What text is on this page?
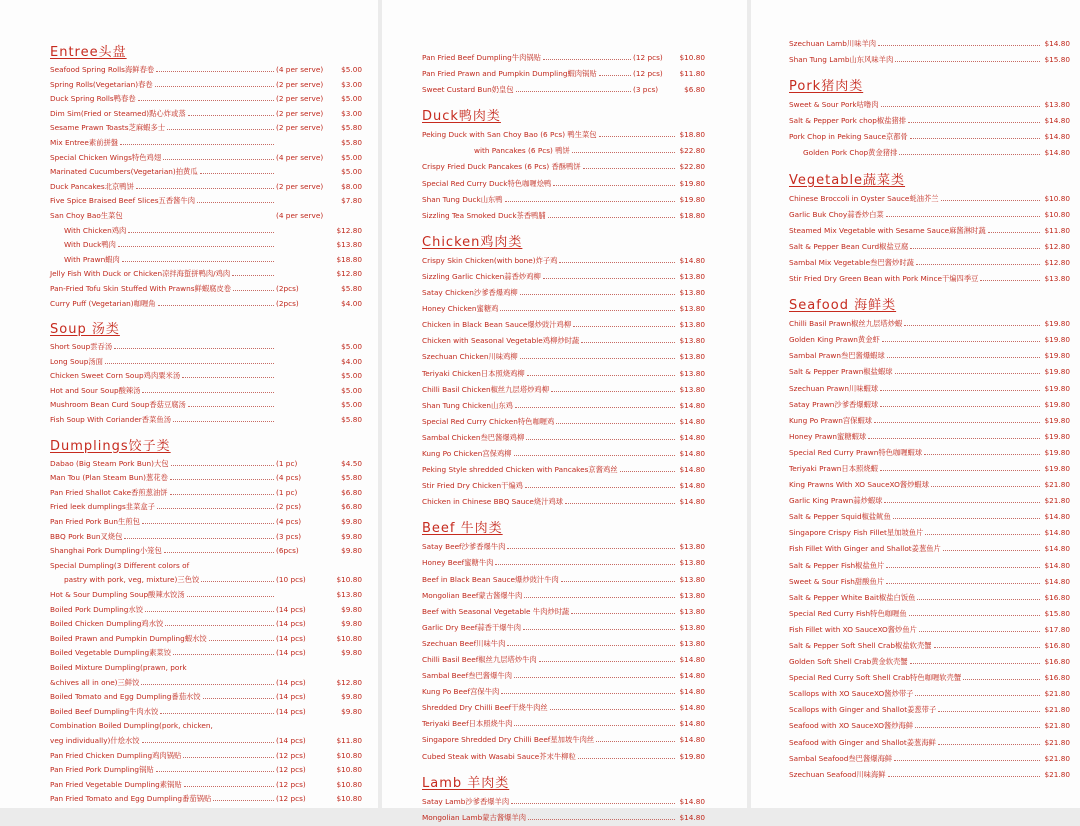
Entree头盘
Seafood Spring Rolls海鲜春卷	(4 per serve)	$5.00
Spring Rolls(Vegetarian)春卷	(2 per serve)	$3.00
Duck Spring Rolls鸭春卷	(2 per serve)	$5.00
Dim Sim(Fried or Steamed)點心炸或蒸	(2 per serve)	$3.00
Sesame Prawn Toasts芝麻蝦多士	(2 per serve)	$5.80
Mix Entree素前拼盤	$5.80
Special Chicken Wings特色鸡翅	(4 per serve)	$5.00
Marinated Cucumbers(Vegetarian)拍黄瓜	$5.00
Duck Pancakes北京鸭饼	(2 per serve)	$8.00
Five Spice Braised Beef Slices五香酱牛肉	$7.80
San Choy Bao生菜包	(4 per serve)
With Chicken鸡肉	$12.80
With Duck鸭肉	$13.80
With Prawn蝦肉	$18.80
Jelly Fish With Duck or Chicken凉拌海蜇拼鸭肉/鸡肉	$12.80
Pan-Fried Tofu Skin Stuffed With Prawns鲜蝦腐皮卷	(2pcs)	$5.80
Curry Puff (Vegetarian)咖喱角	(2pcs)	$4.00
Soup 汤类
Short Soup雲吞汤	$5.00
Long Soup汤面	$4.00
Chicken Sweet Corn Soup鸡肉粟米汤	$5.00
Hot and Sour Soup酸辣汤	$5.00
Mushroom Bean Curd Soup香菇豆腐汤	$5.00
Fish Soup With Coriander香菜鱼汤	$5.80
Dumplings饺子类
Dabao (Big Steam Pork Bun)大包	(1 pc)	$4.50
Man Tou (Plan Steam Bun)葱花卷	(4 pcs)	$5.80
Pan Fried Shallot Cake香煎葱油饼	(1 pc)	$6.80
Fried leek dumplings韭菜盒子	(2 pcs)	$6.80
Pan Fried Pork Bun生煎包	(4 pcs)	$9.80
BBQ Pork Bun叉烧包	(3 pcs)	$9.80
Shanghai Pork Dumpling小笼包	(6pcs)	$9.80
Special Dumpling(3 Different colors of
pastry with pork, veg, mixture)三色饺	(10 pcs)	$10.80
Hot & Sour Dumpling Soup酸辣水饺汤	$13.80
Boiled Pork Dumpling水饺	(14 pcs)	$9.80
Boiled Chicken Dumpling鸡水饺	(14 pcs)	$9.80
Boiled Prawn and Pumpkin Dumpling蝦水饺	(14 pcs)	$10.80
Boiled Vegetable Dumpling素菜饺	(14 pcs)	$9.80
Boiled Mixture Dumpling(prawn, pork
&chives all in one)三鲜饺	(14 pcs)	$12.80
Boiled Tomato and Egg Dumpling番茄水饺	(14 pcs)	$9.80
Boiled Beef Dumpling牛肉水饺	(14 pcs)	$9.80
Combination Boiled Dumpling(pork, chicken,
veg individually)什烩水饺	(14 pcs)	$11.80
Pan Fried Chicken Dumpling鸡肉锅贴	(12 pcs)	$10.80
Pan Fried Pork Dumpling锅贴	(12 pcs)	$10.80
Pan Fried Vegetable Dumpling素锅贴	(12 pcs)	$10.80
Pan Fried Tomato and Egg Dumpling番茄锅贴	(12 pcs)	$10.80
Pan Fried Beef Dumpling牛肉锅贴	(12 pcs)	$10.80
Pan Fried Prawn and Pumpkin Dumpling蝦肉锅贴	(12 pcs)	$11.80
Sweet Custard Bun奶皇包	(3 pcs)	$6.80
Duck鸭肉类
Peking Duck with San Choy Bao (6 Pcs) 鸭生菜包	$18.80
with Pancakes (6 Pcs) 鸭饼	$22.80
Crispy Fried Duck Pancakes (6 Pcs) 香酥鸭饼	$22.80
Special Red Curry Duck特色咖喱烩鸭	$19.80
Shan Tung Duck山东鸭	$19.80
Sizzling Tea Smoked Duck茶香鸭脯	$18.80
Chicken鸡肉类
Crispy Skin Chicken(with bone)炸子鸡	$14.80
Sizzling Garlic Chicken蒜香炒鸡柳	$13.80
Satay Chicken沙爹香爆鸡柳	$13.80
Honey Chicken蜜糖鸡	$13.80
Chicken in Black Bean Sauce爆炒豉汁鸡柳	$13.80
Chicken with Seasonal Vegetable鸡柳炒时蔬	$13.80
Szechuan Chicken川味鸡柳	$13.80
Teriyaki Chicken日本照烧鸡柳	$13.80
Chilli Basil Chicken椒丝九层塔炒鸡柳	$13.80
Shan Tung Chicken山东鸡	$14.80
Special Red Curry Chicken特色咖喱鸡	$14.80
Sambal Chicken叁巴酱爆鸡柳	$14.80
Kung Po Chicken宫保鸡柳	$14.80
Peking Style shredded Chicken with Pancakes京酱鸡丝	$14.80
Stir Fried Dry Chicken干煸鸡	$14.80
Chicken in Chinese BBQ Sauce烧汁鸡球	$14.80
Beef 牛肉类
Satay Beef沙爹香爆牛肉	$13.80
Honey Beef蜜糖牛肉	$13.80
Beef in Black Bean Sauce爆炒豉汁牛肉	$13.80
Mongolian Beef蒙古酱爆牛肉	$13.80
Beef with Seasonal Vegetable 牛肉炒时蔬	$13.80
Garlic Dry Beef蒜香干爆牛肉	$13.80
Szechuan Beef川味牛肉	$13.80
Chilli Basil Beef椒丝九层塔炒牛肉	$14.80
Sambal Beef叁巴酱爆牛肉	$14.80
Kung Po Beef宫保牛肉	$14.80
Shredded Dry Chilli Beef干烧牛肉丝	$14.80
Teriyaki Beef日本照烧牛肉	$14.80
Singapore Shredded Dry Chilli Beef星加坡牛肉丝	$14.80
Cubed Steak with Wasabi Sauce芥末牛柳粒	$19.80
Lamb 羊肉类
Satay Lamb沙爹香爆羊肉	$14.80
Mongolian Lamb蒙古酱爆羊肉	$14.80
Szechuan Lamb川味羊肉	$14.80
Shan Tung Lamb山东风味羊肉	$15.80
Pork猪肉类
Sweet & Sour Pork咕噜肉	$13.80
Salt & Pepper Pork chop椒盐猪排	$14.80
Pork Chop in Peking Sauce京都骨	$14.80
Golden Pork Chop黄金猪排	$14.80
Vegetable蔬菜类
Chinese Broccoli in Oyster Sauce蚝油芥兰	$10.80
Garlic Buk Choy蒜香炒白菜	$10.80
Steamed Mix Vegetable with Sesame Sauce麻酱淋时蔬	$11.80
Salt & Pepper Bean Curd椒盐豆腐	$12.80
Sambal Mix Vegetable叁巴酱炒时蔬	$12.80
Stir Fried Dry Green Bean with Pork Mince干煸四季豆	$13.80
Seafood 海鲜类
Chilli Basil Prawn椒丝九层塔炒蝦	$19.80
Golden King Prawn黄金虾	$19.80
Sambal Prawn叁巴酱爆蝦球	$19.80
Salt & Pepper Prawn椒盐蝦球	$19.80
Szechuan Prawn川味蝦球	$19.80
Satay Prawn沙爹香爆蝦球	$19.80
Kung Po Prawn宫保蝦球	$19.80
Honey Prawn蜜糖蝦球	$19.80
Special Red Curry Prawn特色咖喱蝦球	$19.80
Teriyaki Prawn日本照烧蝦	$19.80
King Prawns With XO SauceXO酱炒蝦球	$21.80
Garlic King Prawn蒜炒蝦球	$21.80
Salt & Pepper Squid椒盐鱿鱼	$14.80
Singapore Crispy Fish Fillet星加坡鱼片	$14.80
Fish Fillet With Ginger and Shallot姜葱鱼片	$14.80
Salt & Pepper Fish椒盐鱼片	$14.80
Sweet & Sour Fish甜酸鱼片	$14.80
Salt & Pepper White Bait椒盐白饭鱼	$16.80
Special Red Curry Fish特色咖喱鱼	$15.80
Fish Fillet with XO SauceXO酱炒鱼片	$17.80
Salt & Pepper Soft Shell Crab椒盐软壳蟹	$16.80
Golden Soft Shell Crab黄金软壳蟹	$16.80
Special Red Curry Soft Shell Crab特色咖喱软壳蟹	$16.80
Scallops with XO SauceXO酱炒带子	$21.80
Scallops with Ginger and Shallot姜葱带子	$21.80
Seafood with XO SauceXO酱炒海鲜	$21.80
Seafood with Ginger and Shallot姜葱海鲜	$21.80
Sambal Seafood叁巴酱爆海鲜	$21.80
Szechuan Seafood川味海鲜	$21.80
